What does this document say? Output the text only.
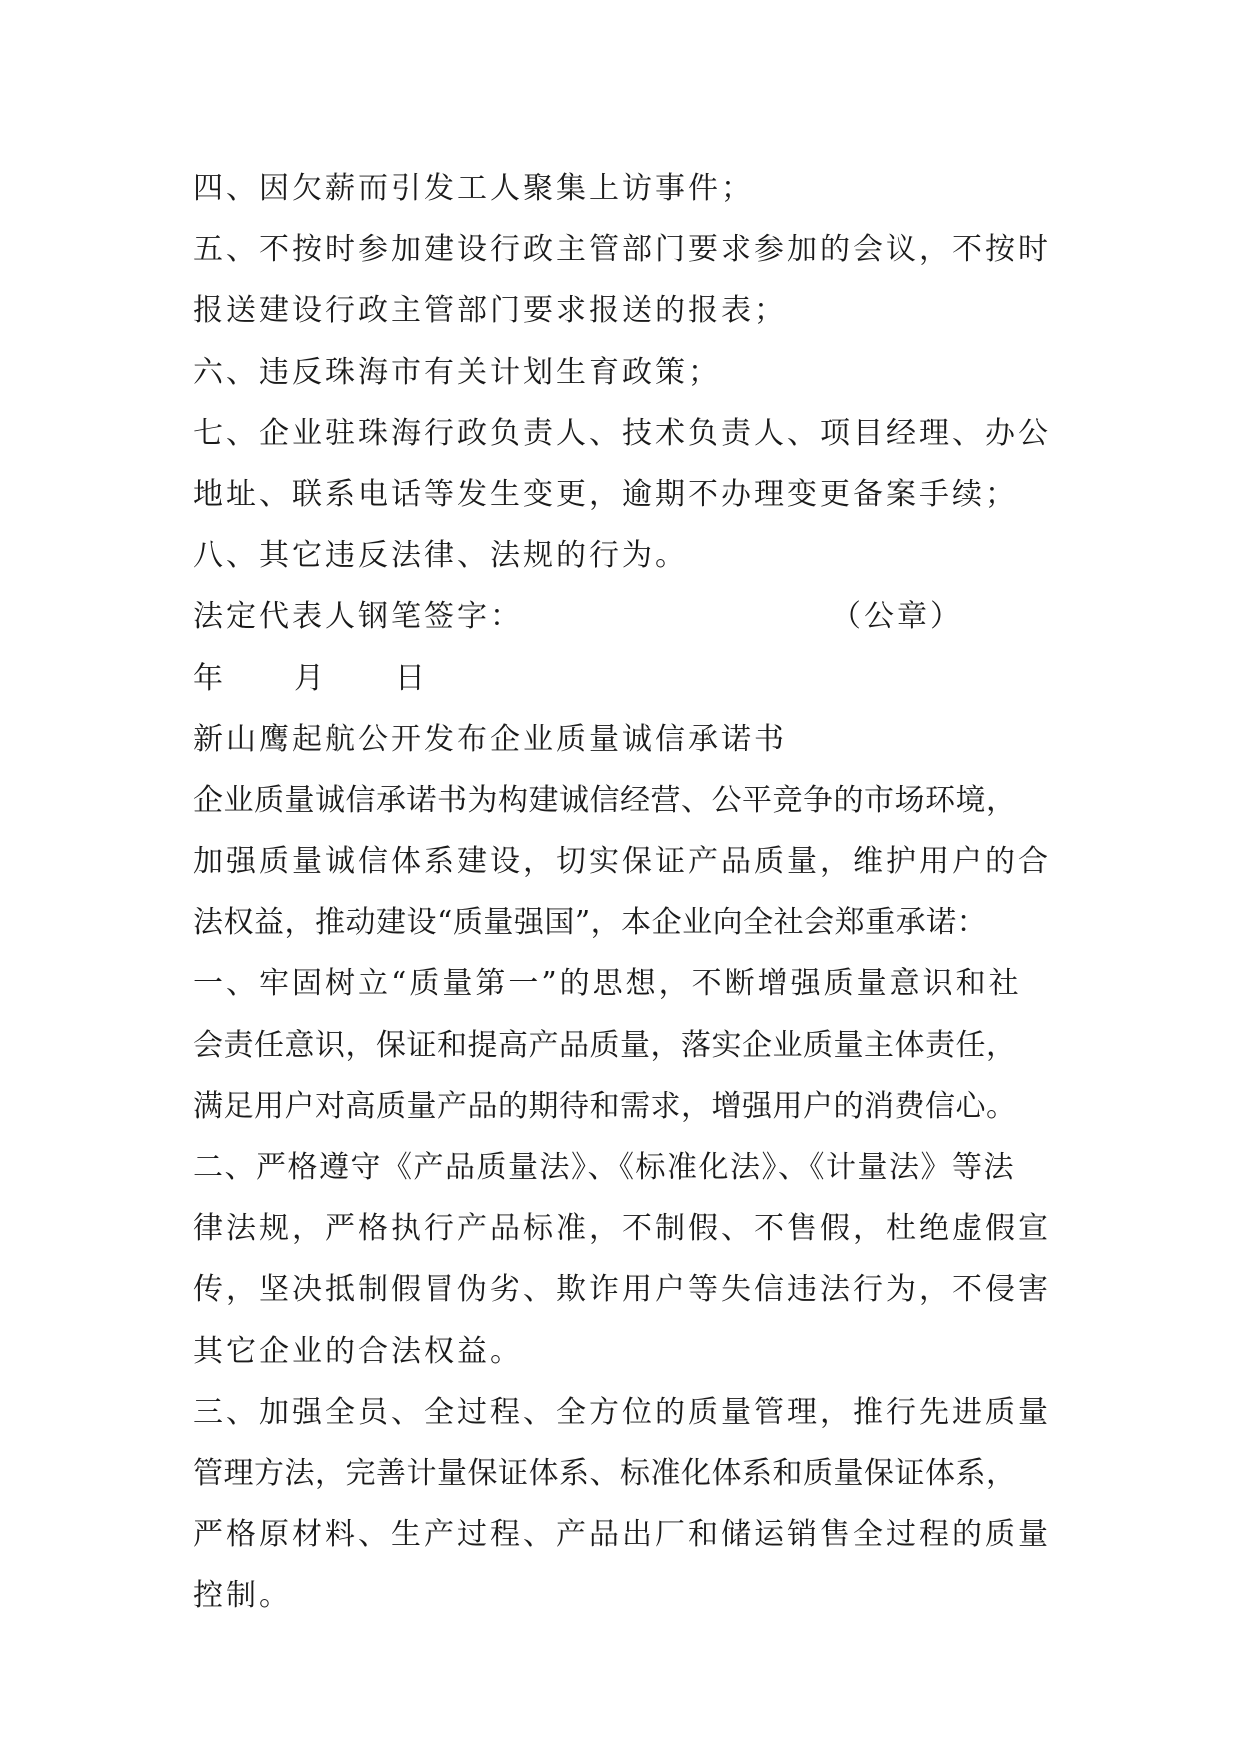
四、因欠薪而引发工人聚集上访事件；
五、不按时参加建设行政主管部门要求参加的会议，不按时
报送建设行政主管部门要求报送的报表；
六、违反珠海市有关计划生育政策；
七、企业驻珠海行政负责人、技术负责人、项目经理、办公
地址、联系电话等发生变更，逾期不办理变更备案手续；
八、其它违反法律、法规的行为。
法定代表人钢笔签字：	（公章）
年 月 日
新山鹰起航公开发布企业质量诚信承诺书
企业质量诚信承诺书为构建诚信经营、公平竞争的市场环境，
加强质量诚信体系建设，切实保证产品质量，维护用户的合
法权益，推动建设“质量强国”，本企业向全社会郑重承诺：
一、牢固树立“质量第一”的思想，不断增强质量意识和社
会责任意识，保证和提高产品质量，落实企业质量主体责任，
满足用户对高质量产品的期待和需求，增强用户的消费信心。
二、严格遵守《产品质量法》、《标准化法》、《计量法》等法
律法规，严格执行产品标准，不制假、不售假，杜绝虚假宣
传，坚决抵制假冒伪劣、欺诈用户等失信违法行为，不侵害
其它企业的合法权益。
三、加强全员、全过程、全方位的质量管理，推行先进质量
管理方法，完善计量保证体系、标准化体系和质量保证体系，
严格原材料、生产过程、产品出厂和储运销售全过程的质量
控制。
